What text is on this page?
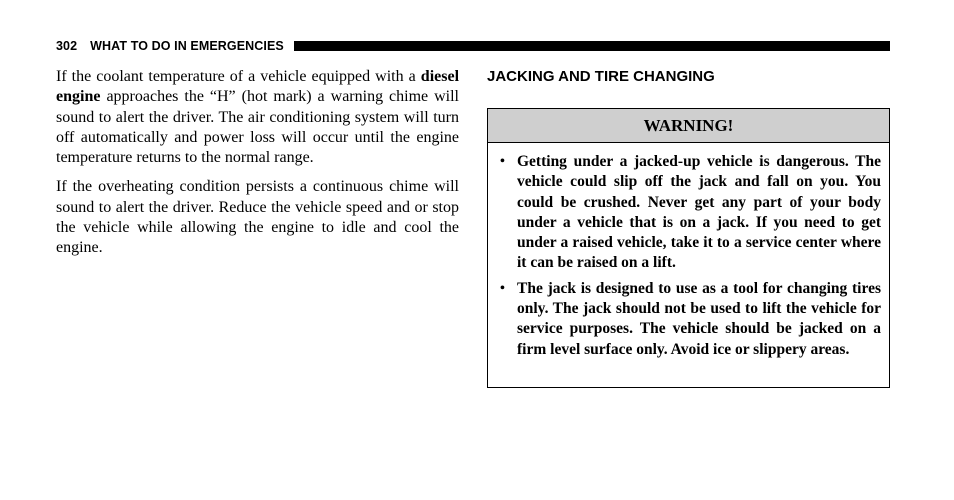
302 WHAT TO DO IN EMERGENCIES

If the coolant temperature of a vehicle equipped with a diesel engine approaches the “H” (hot mark) a warning chime will sound to alert the driver. The air conditioning system will turn off automatically and power loss will occur until the engine temperature returns to the normal range.

If the overheating condition persists a continuous chime will sound to alert the driver. Reduce the vehicle speed and or stop the vehicle while allowing the engine to idle and cool the engine.

JACKING AND TIRE CHANGING
WARNING!
• Getting under a jacked-up vehicle is dangerous. The vehicle could slip off the jack and fall on you. You could be crushed. Never get any part of your body under a vehicle that is on a jack. If you need to get under a raised vehicle, take it to a service center where it can be raised on a lift.
• The jack is designed to use as a tool for changing tires only. The jack should not be used to lift the vehicle for service purposes. The vehicle should be jacked on a firm level surface only. Avoid ice or slippery areas.
